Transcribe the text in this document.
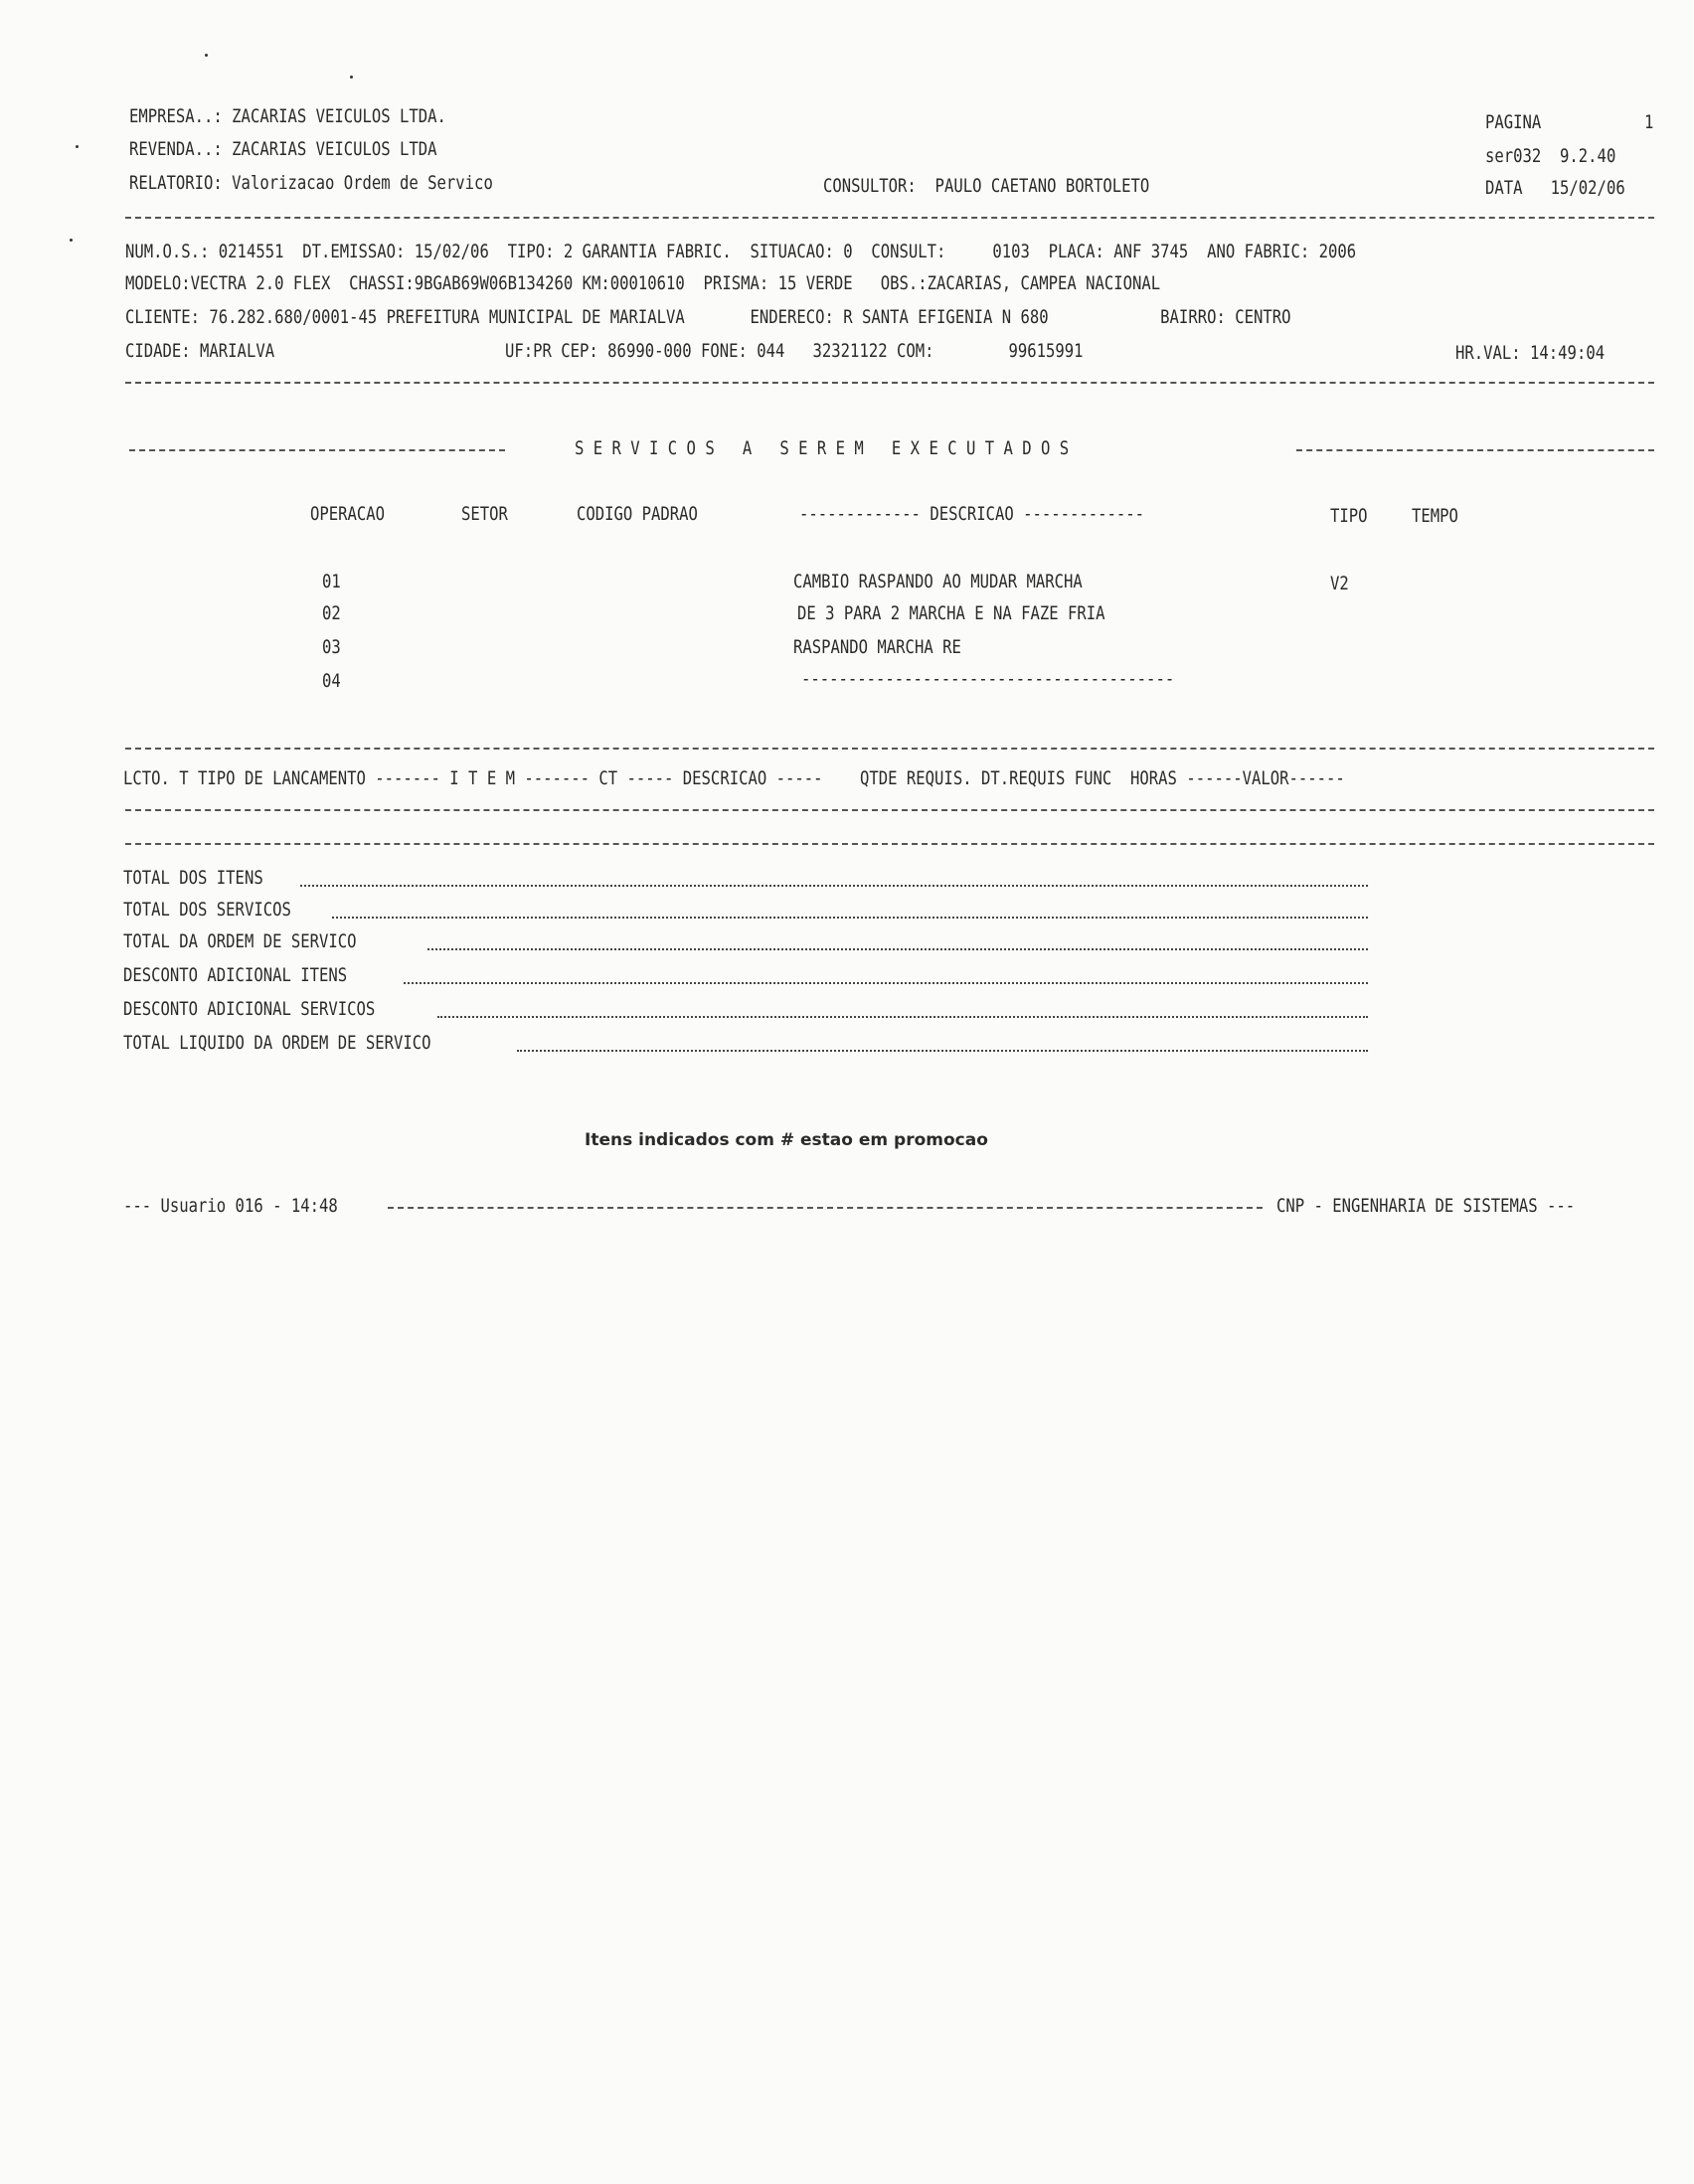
EMPRESA..: ZACARIAS VEICULOS LTDA.
REVENDA..: ZACARIAS VEICULOS LTDA
RELATORIO: Valorizacao Ordem de Servico	CONSULTOR:  PAULO CAETANO BORTOLETO
PAGINA	1
ser032  9.2.40
DATA   15/02/06
NUM.O.S.: 0214551  DT.EMISSAO: 15/02/06  TIPO: 2 GARANTIA FABRIC.  SITUACAO: 0  CONSULT:     0103  PLACA: ANF 3745  ANO FABRIC: 2006
MODELO:VECTRA 2.0 FLEX  CHASSI:9BGAB69W06B134260 KM:00010610  PRISMA: 15 VERDE   OBS.:ZACARIAS, CAMPEA NACIONAL
CLIENTE: 76.282.680/0001-45 PREFEITURA MUNICIPAL DE MARIALVA       ENDERECO: R SANTA EFIGENIA N 680            BAIRRO: CENTRO
CIDADE: MARIALVA	UF:PR CEP: 86990-000 FONE: 044   32321122 COM:        99615991	HR.VAL: 14:49:04
S E R V I C O S   A   S E R E M   E X E C U T A D O S
OPERACAO	SETOR	CODIGO PADRAO	------------- DESCRICAO -------------	TIPO TEMPO
01	CAMBIO RASPANDO AO MUDAR MARCHA	V2
02	DE 3 PARA 2 MARCHA E NA FAZE FRIA
03	RASPANDO MARCHA RE
04	----------------------------------------
LCTO. T TIPO DE LANCAMENTO ------- I T E M ------- CT ----- DESCRICAO -----    QTDE REQUIS. DT.REQUIS FUNC  HORAS ------VALOR------
TOTAL DOS ITENS
TOTAL DOS SERVICOS
TOTAL DA ORDEM DE SERVICO
DESCONTO ADICIONAL ITENS
DESCONTO ADICIONAL SERVICOS
TOTAL LIQUIDO DA ORDEM DE SERVICO
Itens indicados com # estao em promocao
--- Usuario 016 - 14:48	CNP - ENGENHARIA DE SISTEMAS ---
